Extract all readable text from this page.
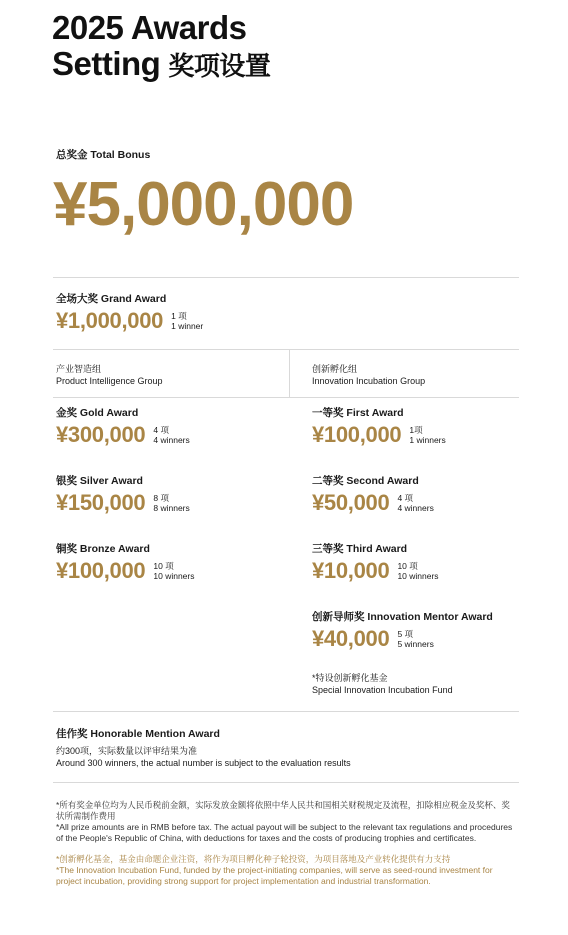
2025 Awards
Setting 奖项设置
总奖金 Total Bonus
¥5,000,000
全场大奖 Grand Award
¥1,000,000 1 项
1 winner
产业智造组
Product Intelligence Group
创新孵化组
Innovation Incubation Group
金奖 Gold Award
¥300,000 4 项
4 winners
银奖 Silver Award
¥150,000 8 项
8 winners
铜奖 Bronze Award
¥100,000 10 项
10 winners
一等奖 First Award
¥100,000 1项
1 winners
二等奖 Second Award
¥50,000 4 项
4 winners
三等奖 Third Award
¥10,000 10 项
10 winners
创新导师奖 Innovation Mentor Award
¥40,000 5 项
5 winners
*特设创新孵化基金
Special Innovation Incubation Fund
佳作奖 Honorable Mention Award
约300项，实际数量以评审结果为准
Around 300 winners, the actual number is subject to the evaluation results
*所有奖金单位均为人民币税前金额，实际发放金额将依照中华人民共和国相关财税规定及流程，扣除相应税金及奖杯、奖状所需制作费用
*All prize amounts are in RMB before tax. The actual payout will be subject to the relevant tax regulations and procedures of the People's Republic of China, with deductions for taxes and the costs of producing trophies and certificates.
*创新孵化基金，基金由命题企业注资，将作为项目孵化种子轮投资，为项目落地及产业转化提供有力支持
*The Innovation Incubation Fund, funded by the project-initiating companies, will serve as seed-round investment for project incubation, providing strong support for project implementation and industrial transformation.
